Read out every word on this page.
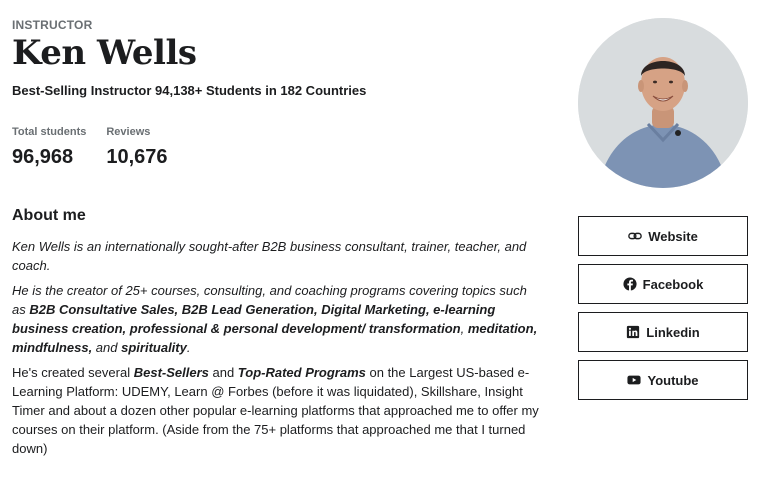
INSTRUCTOR
Ken Wells
Best-Selling Instructor 94,138+ Students in 182 Countries
Total students
96,968
Reviews
10,676
About me

Ken Wells is an internationally sought-after B2B business consultant, trainer, teacher, and coach.

He is the creator of 25+ courses, consulting, and coaching programs covering topics such as B2B Consultative Sales, B2B Lead Generation, Digital Marketing, e-learning business creation, professional & personal development/ transformation, meditation, mindfulness, and spirituality.

He's created several Best-Sellers and Top-Rated Programs on the Largest US-based e-Learning Platform: UDEMY, Learn @ Forbes (before it was liquidated), Skillshare, Insight Timer and about a dozen other popular e-learning platforms that approached me to offer my courses on their platform. (Aside from the 75+ platforms that approached me that I turned down)

Website
Facebook
Linkedin
Youtube
